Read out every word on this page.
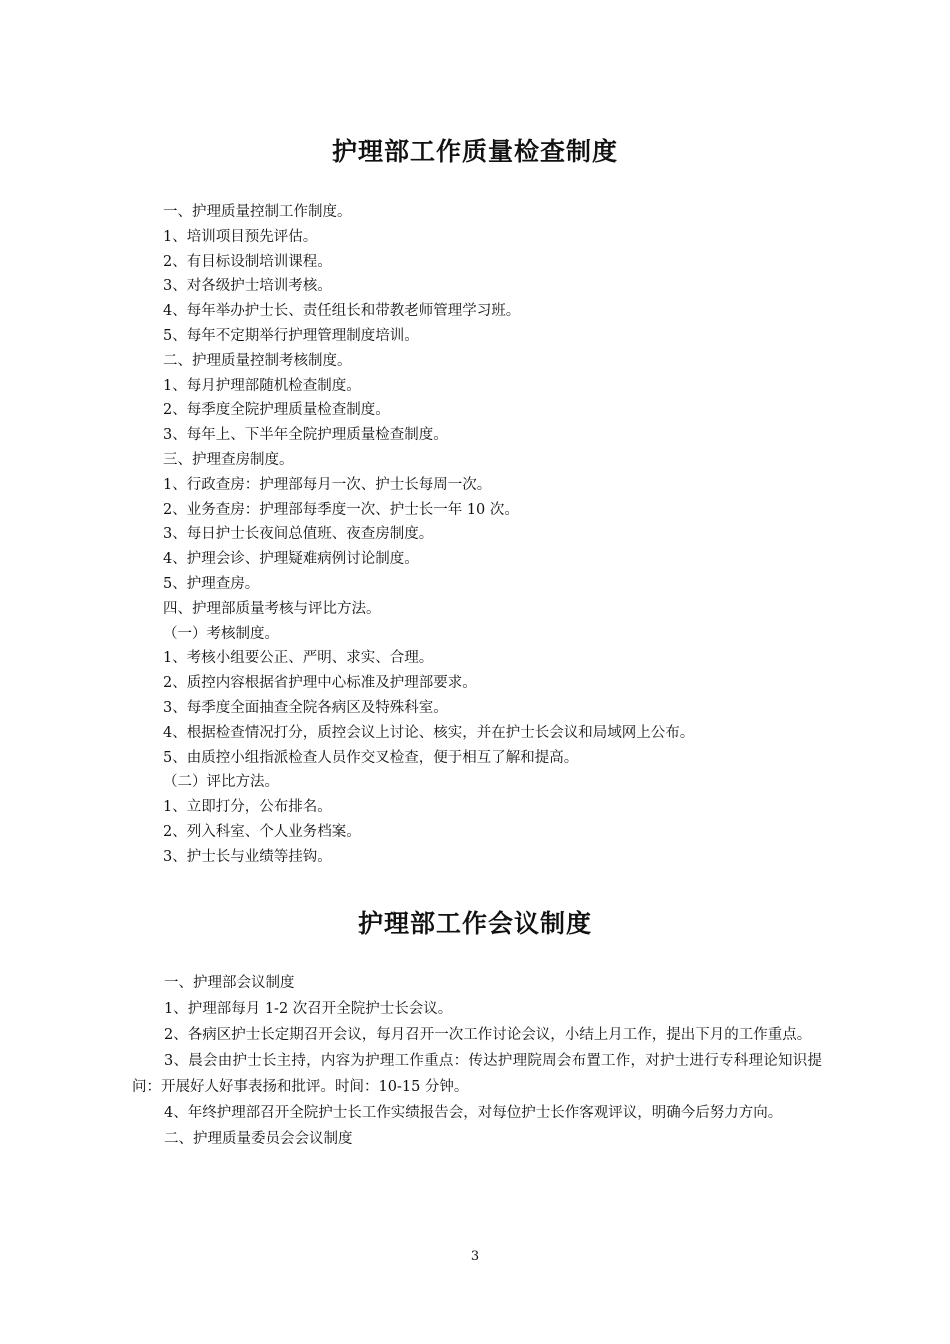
护理部工作质量检查制度
一、护理质量控制工作制度。
1、培训项目预先评估。
2、有目标设制培训课程。
3、对各级护士培训考核。
4、每年举办护士长、责任组长和带教老师管理学习班。
5、每年不定期举行护理管理制度培训。
二、护理质量控制考核制度。
1、每月护理部随机检查制度。
2、每季度全院护理质量检查制度。
3、每年上、下半年全院护理质量检查制度。
三、护理查房制度。
1、行政查房：护理部每月一次、护士长每周一次。
2、业务查房：护理部每季度一次、护士长一年 10 次。
3、每日护士长夜间总值班、夜查房制度。
4、护理会诊、护理疑难病例讨论制度。
5、护理查房。
四、护理部质量考核与评比方法。
（一）考核制度。
1、考核小组要公正、严明、求实、合理。
2、质控内容根据省护理中心标准及护理部要求。
3、每季度全面抽查全院各病区及特殊科室。
4、根据检查情况打分，质控会议上讨论、核实，并在护士长会议和局域网上公布。
5、由质控小组指派检查人员作交叉检查，便于相互了解和提高。
（二）评比方法。
1、立即打分，公布排名。
2、列入科室、个人业务档案。
3、护士长与业绩等挂钩。
护理部工作会议制度
一、护理部会议制度
1、护理部每月 1-2 次召开全院护士长会议。
2、各病区护士长定期召开会议，每月召开一次工作讨论会议，小结上月工作，提出下月的工作重点。
3、晨会由护士长主持，内容为护理工作重点：传达护理院周会布置工作，对护士进行专科理论知识提问：开展好人好事表扬和批评。时间：10-15 分钟。
4、年终护理部召开全院护士长工作实绩报告会，对每位护士长作客观评议，明确今后努力方向。
二、护理质量委员会会议制度
3
